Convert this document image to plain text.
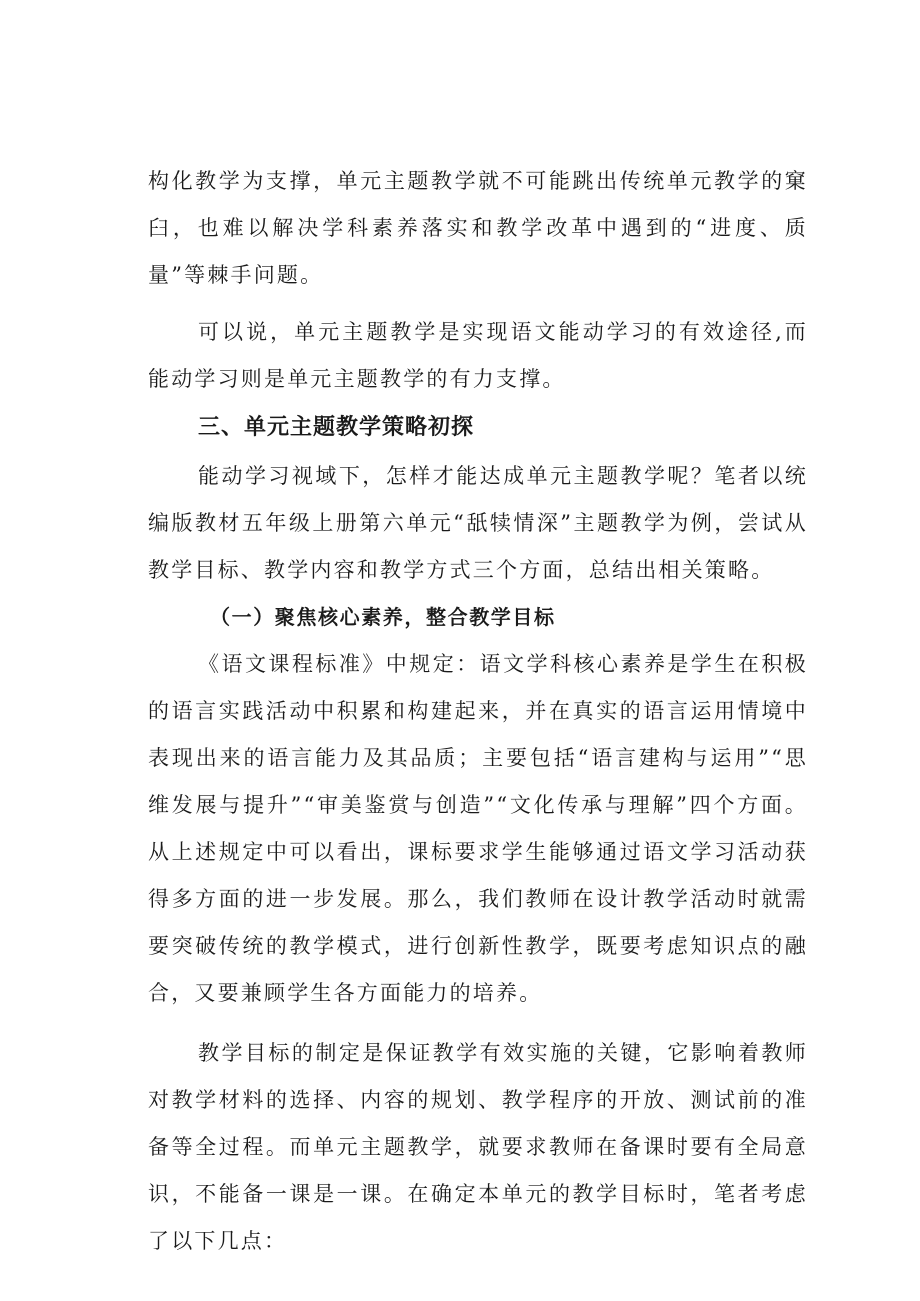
构化教学为支撑，单元主题教学就不可能跳出传统单元教学的窠臼，也难以解决学科素养落实和教学改革中遇到的“进度、质量”等棘手问题。

可以说，单元主题教学是实现语文能动学习的有效途径,而能动学习则是单元主题教学的有力支撑。

三、单元主题教学策略初探

能动学习视域下，怎样才能达成单元主题教学呢？笔者以统编版教材五年级上册第六单元“舐犊情深”主题教学为例，尝试从教学目标、教学内容和教学方式三个方面，总结出相关策略。

（一）聚焦核心素养，整合教学目标

《语文课程标准》中规定：语文学科核心素养是学生在积极的语言实践活动中积累和构建起来，并在真实的语言运用情境中表现出来的语言能力及其品质；主要包括“语言建构与运用”“思维发展与提升”“审美鉴赏与创造”“文化传承与理解”四个方面。从上述规定中可以看出，课标要求学生能够通过语文学习活动获得多方面的进一步发展。那么，我们教师在设计教学活动时就需要突破传统的教学模式，进行创新性教学，既要考虑知识点的融合，又要兼顾学生各方面能力的培养。

教学目标的制定是保证教学有效实施的关键，它影响着教师对教学材料的选择、内容的规划、教学程序的开放、测试前的准备等全过程。而单元主题教学，就要求教师在备课时要有全局意识，不能备一课是一课。在确定本单元的教学目标时，笔者考虑了以下几点：
